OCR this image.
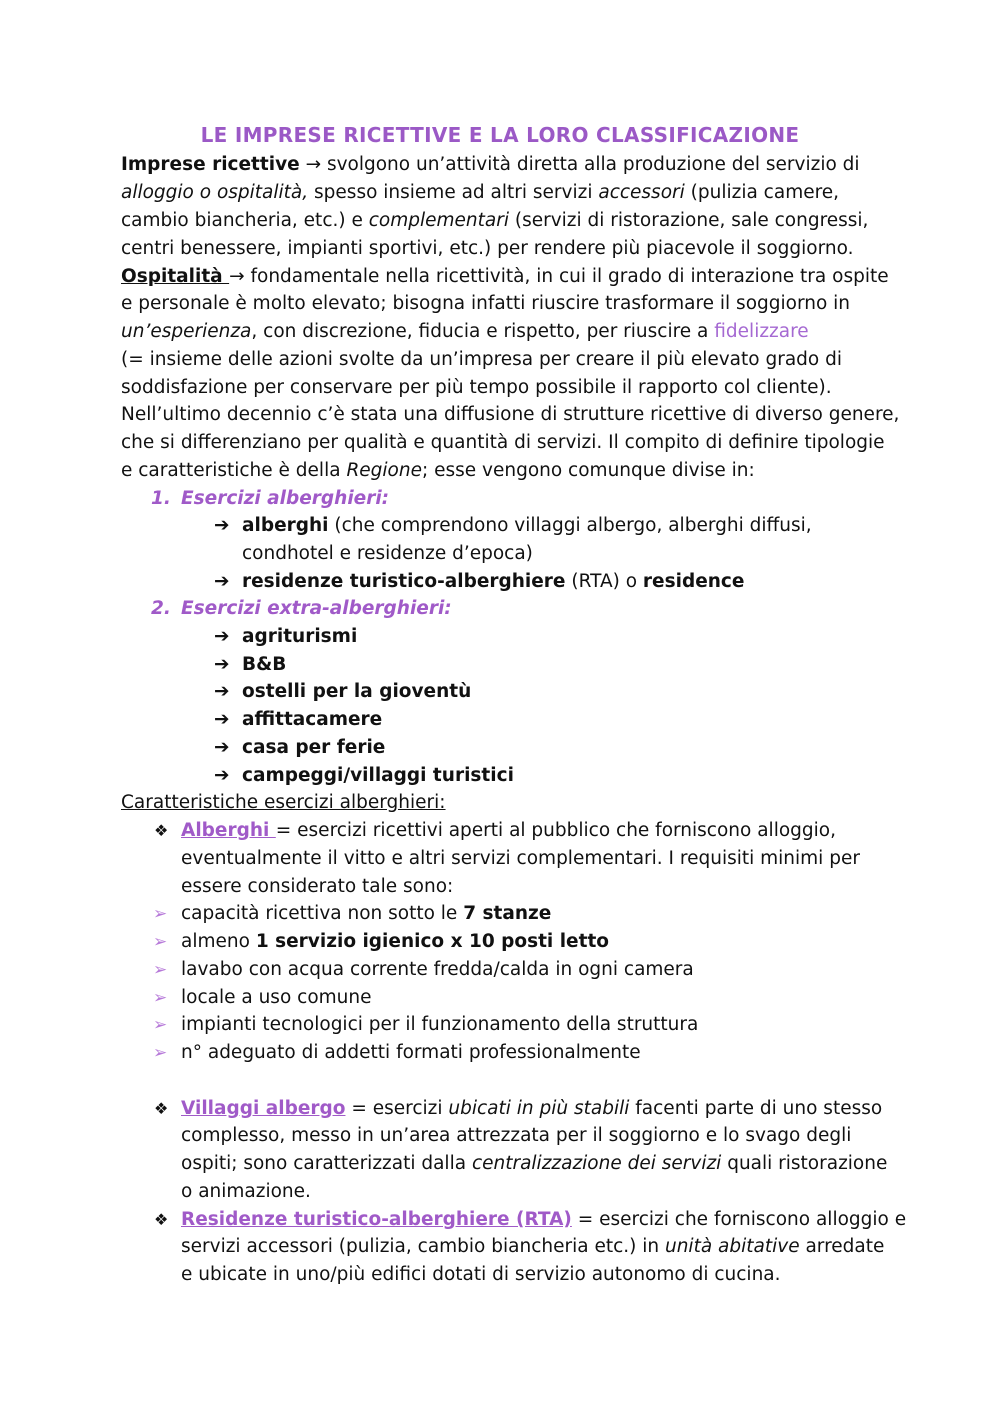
LE IMPRESE RICETTIVE E LA LORO CLASSIFICAZIONE
Imprese ricettive → svolgono un’attività diretta alla produzione del servizio di
alloggio o ospitalità, spesso insieme ad altri servizi accessori (pulizia camere,
cambio biancheria, etc.) e complementari (servizi di ristorazione, sale congressi,
centri benessere, impianti sportivi, etc.) per rendere più piacevole il soggiorno.
Ospitalità → fondamentale nella ricettività, in cui il grado di interazione tra ospite
e personale è molto elevato; bisogna infatti riuscire trasformare il soggiorno in
un’esperienza, con discrezione, fiducia e rispetto, per riuscire a fidelizzare
(= insieme delle azioni svolte da un’impresa per creare il più elevato grado di
soddisfazione per conservare per più tempo possibile il rapporto col cliente).
Nell’ultimo decennio c’è stata una diffusione di strutture ricettive di diverso genere,
che si differenziano per qualità e quantità di servizi. Il compito di definire tipologie
e caratteristiche è della Regione; esse vengono comunque divise in:
1. Esercizi alberghieri:
➔ alberghi (che comprendono villaggi albergo, alberghi diffusi,
condhotel e residenze d’epoca)
➔ residenze turistico-alberghiere (RTA) o residence
2. Esercizi extra-alberghieri:
➔ agriturismi
➔ B&B
➔ ostelli per la gioventù
➔ affittacamere
➔ casa per ferie
➔ campeggi/villaggi turistici
Caratteristiche esercizi alberghieri:
❖ Alberghi = esercizi ricettivi aperti al pubblico che forniscono alloggio,
eventualmente il vitto e altri servizi complementari. I requisiti minimi per
essere considerato tale sono:
➢ capacità ricettiva non sotto le 7 stanze
➢ almeno 1 servizio igienico x 10 posti letto
➢ lavabo con acqua corrente fredda/calda in ogni camera
➢ locale a uso comune
➢ impianti tecnologici per il funzionamento della struttura
➢ n° adeguato di addetti formati professionalmente
❖ Villaggi albergo = esercizi ubicati in più stabili facenti parte di uno stesso
complesso, messo in un’area attrezzata per il soggiorno e lo svago degli
ospiti; sono caratterizzati dalla centralizzazione dei servizi quali ristorazione
o animazione.
❖ Residenze turistico-alberghiere (RTA) = esercizi che forniscono alloggio e
servizi accessori (pulizia, cambio biancheria etc.) in unità abitative arredate
e ubicate in uno/più edifici dotati di servizio autonomo di cucina.
